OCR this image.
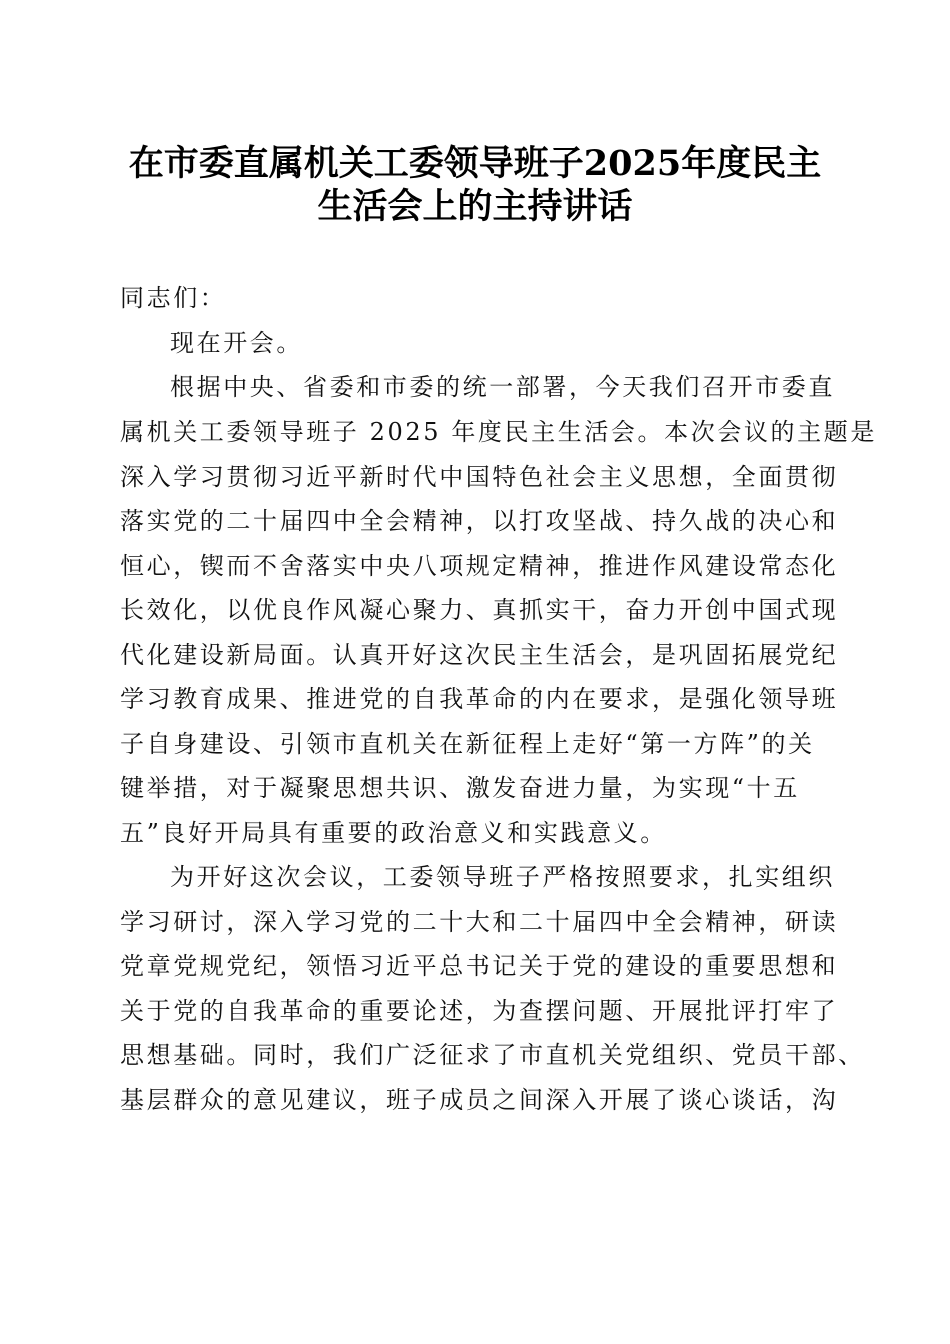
在市委直属机关工委领导班子2025年度民主
生活会上的主持讲话

同志们：

现在开会。

根据中央、省委和市委的统一部署，今天我们召开市委直

属机关工委领导班子 2025 年度民主生活会。本次会议的主题是

深入学习贯彻习近平新时代中国特色社会主义思想，全面贯彻

落实党的二十届四中全会精神，以打攻坚战、持久战的决心和

恒心，锲而不舍落实中央八项规定精神，推进作风建设常态化

长效化，以优良作风凝心聚力、真抓实干，奋力开创中国式现

代化建设新局面。认真开好这次民主生活会，是巩固拓展党纪

学习教育成果、推进党的自我革命的内在要求，是强化领导班

子自身建设、引领市直机关在新征程上走好“第一方阵”的关

键举措，对于凝聚思想共识、激发奋进力量，为实现“十五

五”良好开局具有重要的政治意义和实践意义。

为开好这次会议，工委领导班子严格按照要求，扎实组织

学习研讨，深入学习党的二十大和二十届四中全会精神，研读

党章党规党纪，领悟习近平总书记关于党的建设的重要思想和

关于党的自我革命的重要论述，为查摆问题、开展批评打牢了

思想基础。同时，我们广泛征求了市直机关党组织、党员干部、

基层群众的意见建议，班子成员之间深入开展了谈心谈话，沟
